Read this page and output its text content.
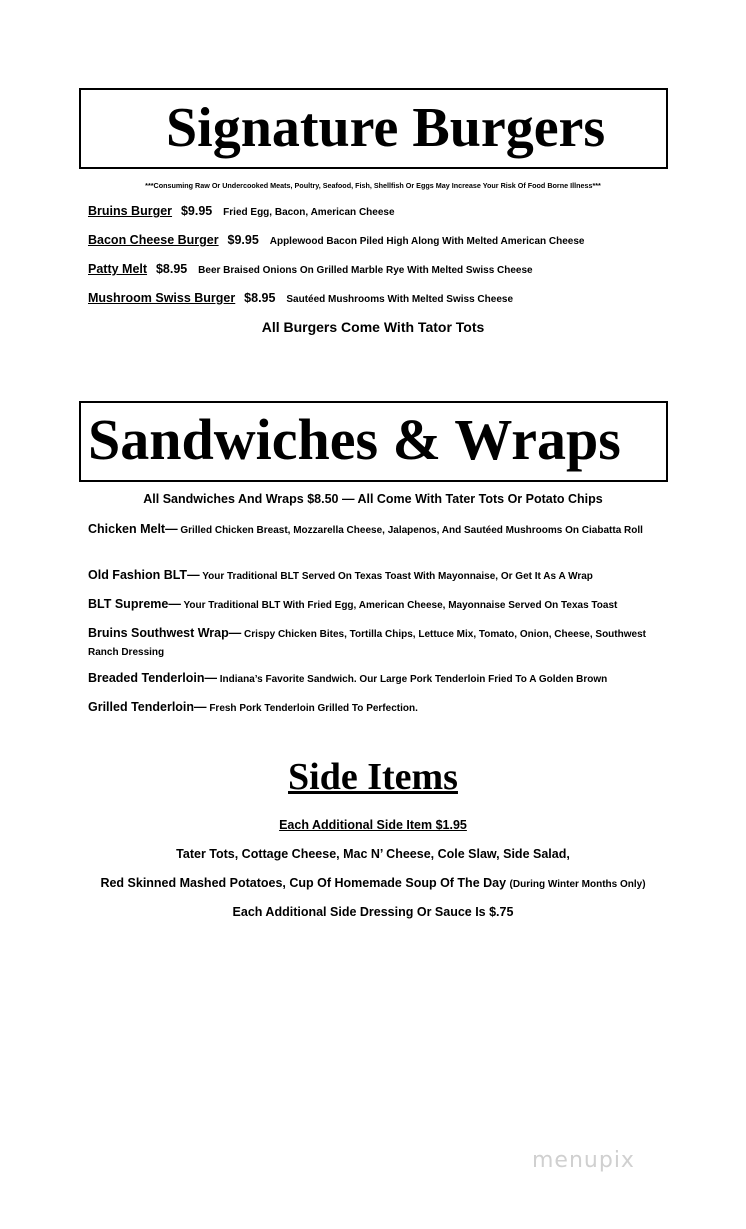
Signature Burgers
***Consuming Raw Or Undercooked Meats, Poultry, Seafood, Fish, Shellfish Or Eggs May Increase Your Risk Of Food Borne Illness***
Bruins Burger $9.95 Fried Egg, Bacon, American Cheese
Bacon Cheese Burger $9.95 Applewood Bacon Piled High Along With Melted American Cheese
Patty Melt $8.95 Beer Braised Onions On Grilled Marble Rye With Melted Swiss Cheese
Mushroom Swiss Burger $8.95 Sautéed Mushrooms With Melted Swiss Cheese
All Burgers Come With Tator Tots
Sandwiches & Wraps
All Sandwiches And Wraps $8.50 — All Come With Tater Tots Or Potato Chips
Chicken Melt— Grilled Chicken Breast, Mozzarella Cheese, Jalapenos, And Sautéed Mushrooms On Ciabatta Roll
Old Fashion BLT— Your Traditional BLT Served On Texas Toast With Mayonnaise, Or Get It As A Wrap
BLT Supreme— Your Traditional BLT With Fried Egg, American Cheese, Mayonnaise Served On Texas Toast
Bruins Southwest Wrap— Crispy Chicken Bites, Tortilla Chips, Lettuce Mix, Tomato, Onion, Cheese, Southwest Ranch Dressing
Breaded Tenderloin— Indiana’s Favorite Sandwich. Our Large Pork Tenderloin Fried To A Golden Brown
Grilled Tenderloin— Fresh Pork Tenderloin Grilled To Perfection.
Side Items
Each Additional Side Item $1.95
Tater Tots, Cottage Cheese, Mac N’ Cheese, Cole Slaw, Side Salad,
Red Skinned Mashed Potatoes, Cup Of Homemade Soup Of The Day (During Winter Months Only)
Each Additional Side Dressing Or Sauce Is $.75
menupix
